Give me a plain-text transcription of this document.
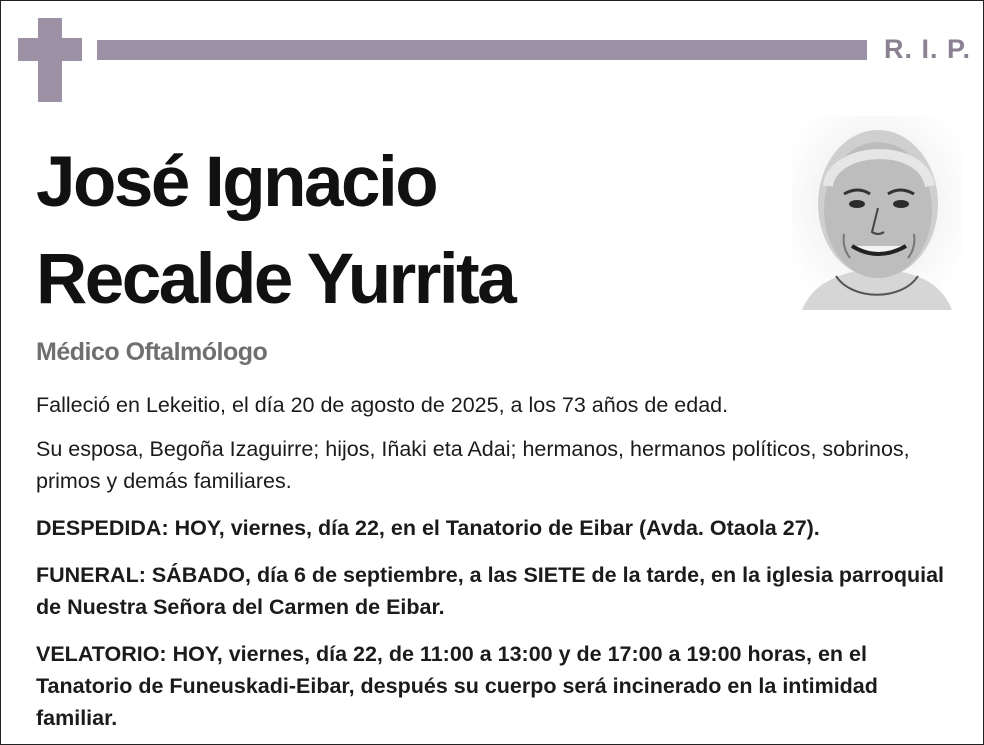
R. I. P.
José Ignacio
Recalde Yurrita
Médico Oftalmólogo
Falleció en Lekeitio, el día 20 de agosto de 2025, a los 73 años de edad.
Su esposa, Begoña Izaguirre; hijos, Iñaki eta Adai; hermanos, hermanos políticos, sobrinos, primos y demás familiares.
DESPEDIDA: HOY, viernes, día 22, en el Tanatorio de Eibar (Avda. Otaola 27).
FUNERAL: SÁBADO, día 6 de septiembre, a las SIETE de la tarde, en la iglesia parroquial de Nuestra Señora del Carmen de Eibar.
VELATORIO: HOY, viernes, día 22, de 11:00 a 13:00 y de 17:00 a 19:00 horas, en el Tanatorio de Funeuskadi-Eibar, después su cuerpo será incinerado en la intimidad familiar.
